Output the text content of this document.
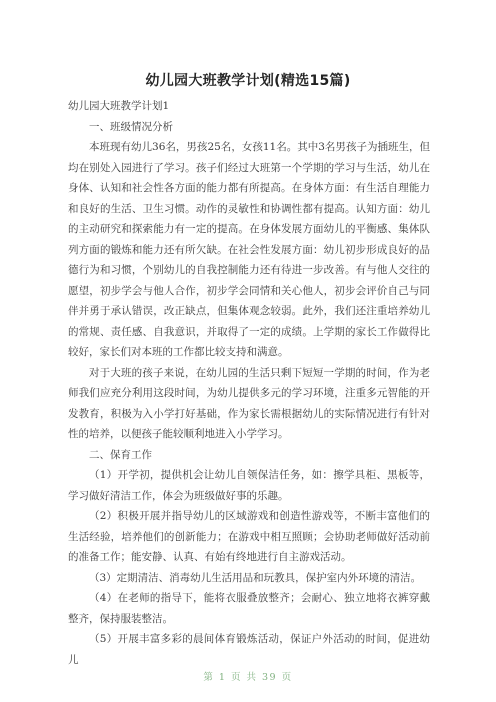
幼儿园大班教学计划(精选15篇)

幼儿园大班教学计划1

一、班级情况分析

本班现有幼儿36名，男孩25名，女孩11名。其中3名男孩子为插班生，但均在别处入园进行了学习。孩子们经过大班第一个学期的学习与生活，幼儿在身体、认知和社会性各方面的能力都有所提高。在身体方面：有生活自理能力和良好的生活、卫生习惯。动作的灵敏性和协调性都有提高。认知方面：幼儿的主动研究和探索能力有一定的提高。在身体发展方面幼儿的平衡感、集体队列方面的锻炼和能力还有所欠缺。在社会性发展方面：幼儿初步形成良好的品德行为和习惯，个别幼儿的自我控制能力还有待进一步改善。有与他人交往的愿望，初步学会与他人合作，初步学会同情和关心他人，初步会评价自己与同伴并勇于承认错误，改正缺点，但集体观念较弱。此外，我们还注重培养幼儿的常规、责任感、自我意识，并取得了一定的成绩。上学期的家长工作做得比较好，家长们对本班的工作都比较支持和满意。

对于大班的孩子来说，在幼儿园的生活只剩下短短一学期的时间，作为老师我们应充分利用这段时间，为幼儿提供多元的学习环境，注重多元智能的开发教育，积极为入小学打好基础，作为家长需根据幼儿的实际情况进行有针对性的培养，以便孩子能较顺利地进入小学学习。

二、保育工作

（1）开学初，提供机会让幼儿自领保洁任务，如：擦学具柜、黑板等，学习做好清洁工作，体会为班级做好事的乐趣。

（2）积极开展并指导幼儿的区域游戏和创造性游戏等，不断丰富他们的生活经验，培养他们的创新能力；在游戏中相互照顾；会协助老师做好活动前的准备工作；能安静、认真、有始有终地进行自主游戏活动。

（3）定期清洁、消毒幼儿生活用品和玩教具，保护室内外环境的清洁。

（4）在老师的指导下，能将衣服叠放整齐；会耐心、独立地将衣裤穿戴整齐，保持服装整洁。

（5）开展丰富多彩的晨间体育锻炼活动，保证户外活动的时间，促进幼儿

第 1 页 共 39 页
